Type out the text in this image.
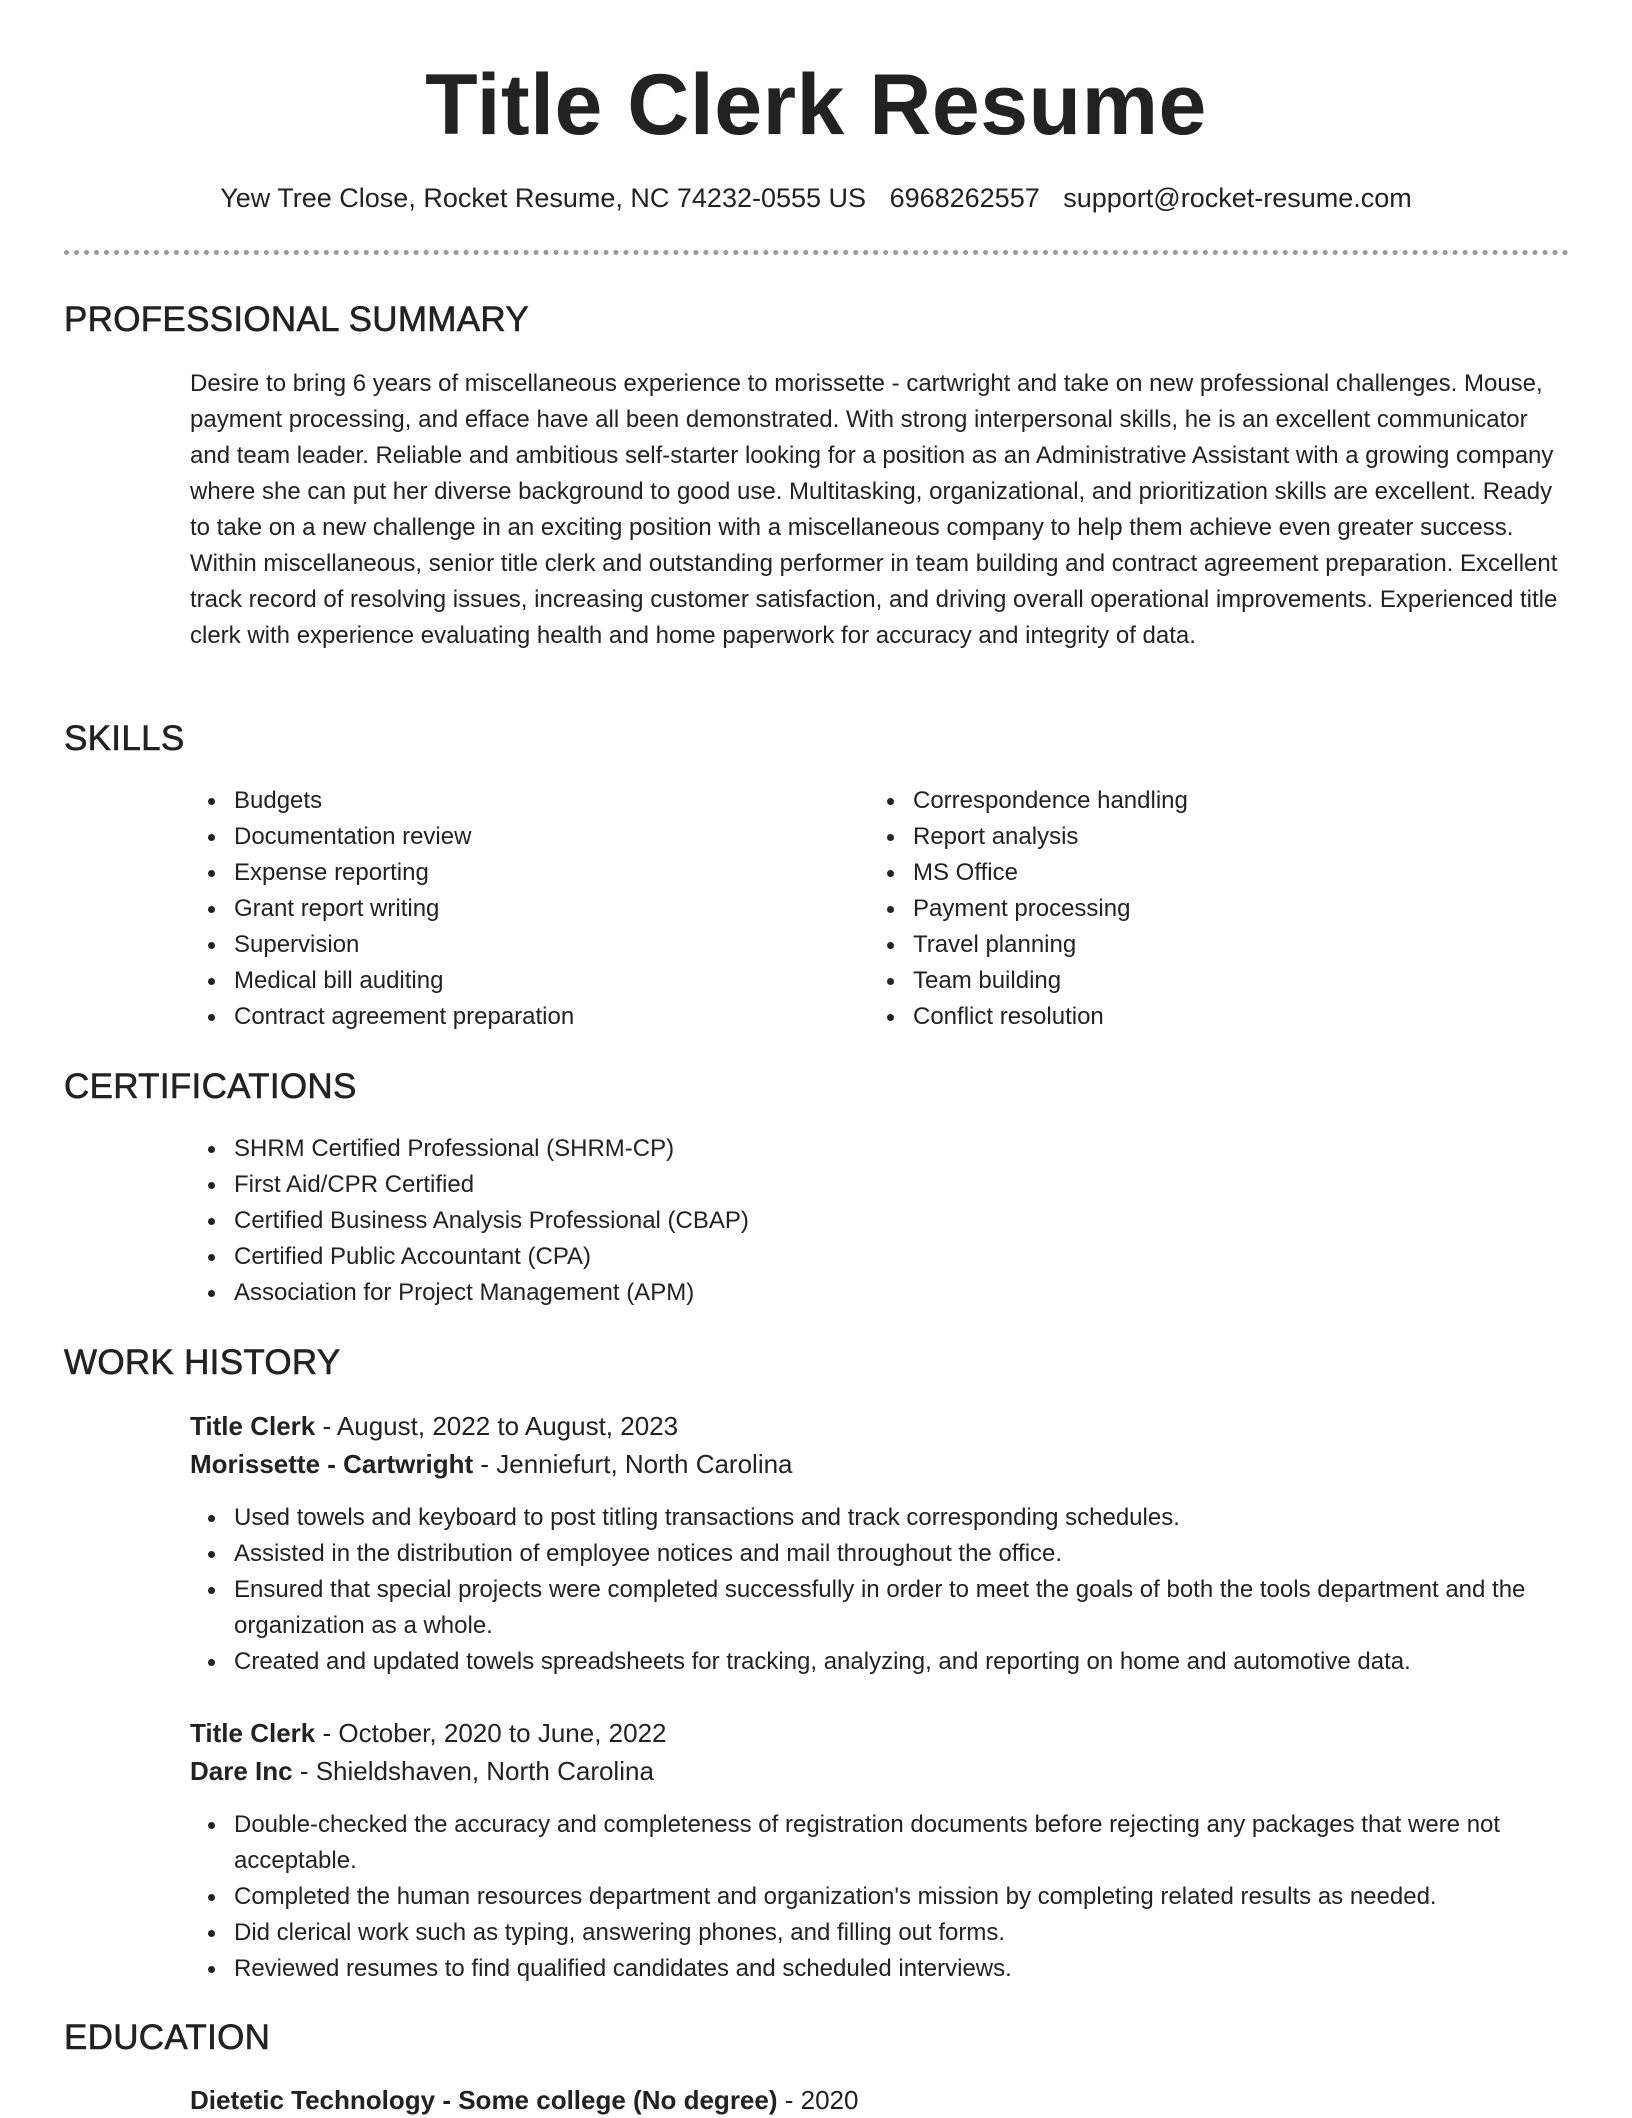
Title Clerk Resume
Yew Tree Close, Rocket Resume, NC 74232-0555 US 6968262557 support@rocket-resume.com
PROFESSIONAL SUMMARY

Desire to bring 6 years of miscellaneous experience to morissette - cartwright and take on new professional challenges. Mouse, payment processing, and efface have all been demonstrated. With strong interpersonal skills, he is an excellent communicator and team leader. Reliable and ambitious self-starter looking for a position as an Administrative Assistant with a growing company where she can put her diverse background to good use. Multitasking, organizational, and prioritization skills are excellent. Ready to take on a new challenge in an exciting position with a miscellaneous company to help them achieve even greater success. Within miscellaneous, senior title clerk and outstanding performer in team building and contract agreement preparation. Excellent track record of resolving issues, increasing customer satisfaction, and driving overall operational improvements. Experienced title clerk with experience evaluating health and home paperwork for accuracy and integrity of data.

SKILLS
Budgets
Documentation review
Expense reporting
Grant report writing
Supervision
Medical bill auditing
Contract agreement preparation
Correspondence handling
Report analysis
MS Office
Payment processing
Travel planning
Team building
Conflict resolution
CERTIFICATIONS
SHRM Certified Professional (SHRM-CP)
First Aid/CPR Certified
Certified Business Analysis Professional (CBAP)
Certified Public Accountant (CPA)
Association for Project Management (APM)
WORK HISTORY
Title Clerk - August, 2022 to August, 2023
Morissette - Cartwright - Jenniefurt, North Carolina
Used towels and keyboard to post titling transactions and track corresponding schedules.
Assisted in the distribution of employee notices and mail throughout the office.
Ensured that special projects were completed successfully in order to meet the goals of both the tools department and the organization as a whole.
Created and updated towels spreadsheets for tracking, analyzing, and reporting on home and automotive data.
Title Clerk - October, 2020 to June, 2022
Dare Inc - Shieldshaven, North Carolina
Double-checked the accuracy and completeness of registration documents before rejecting any packages that were not acceptable.
Completed the human resources department and organization's mission by completing related results as needed.
Did clerical work such as typing, answering phones, and filling out forms.
Reviewed resumes to find qualified candidates and scheduled interviews.
EDUCATION
Dietetic Technology - Some college (No degree) - 2020
